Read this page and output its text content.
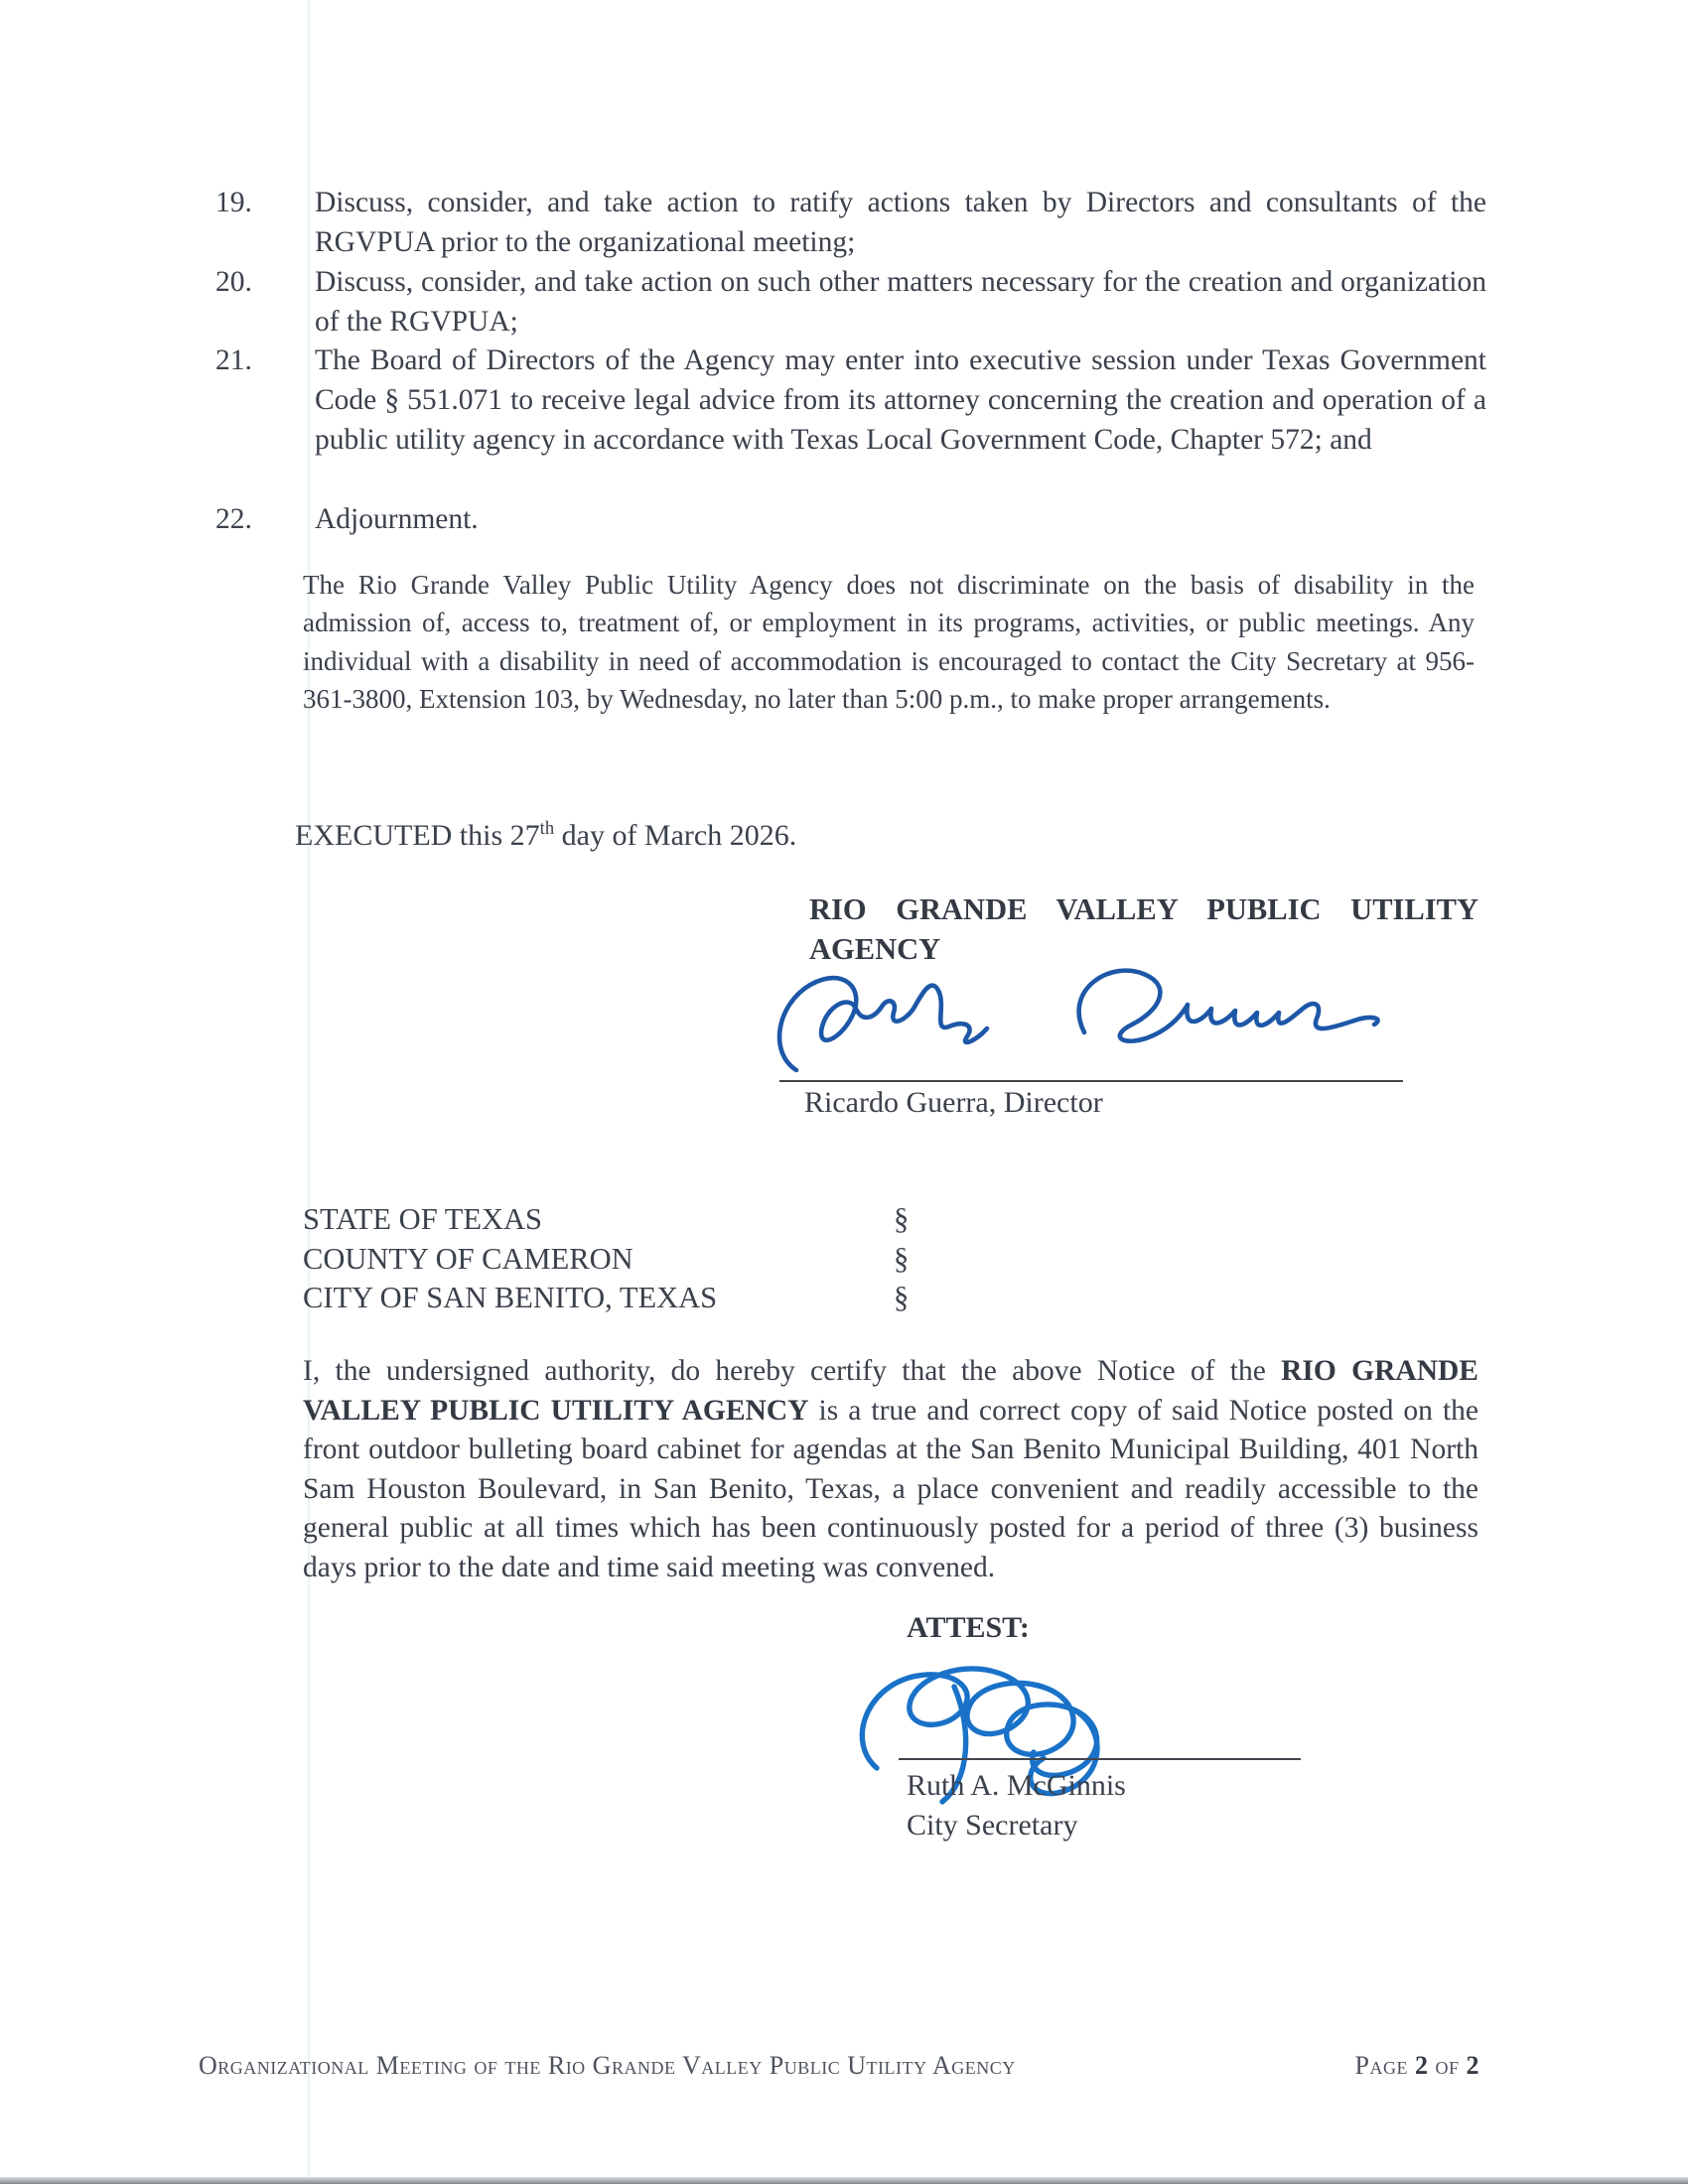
19.	Discuss, consider, and take action to ratify actions taken by Directors and consultants of the RGVPUA prior to the organizational meeting;
20.	Discuss, consider, and take action on such other matters necessary for the creation and organization of the RGVPUA;
21.	The Board of Directors of the Agency may enter into executive session under Texas Government Code § 551.071 to receive legal advice from its attorney concerning the creation and operation of a public utility agency in accordance with Texas Local Government Code, Chapter 572; and
22.	Adjournment.
The Rio Grande Valley Public Utility Agency does not discriminate on the basis of disability in the admission of, access to, treatment of, or employment in its programs, activities, or public meetings. Any individual with a disability in need of accommodation is encouraged to contact the City Secretary at 956-361-3800, Extension 103, by Wednesday, no later than 5:00 p.m., to make proper arrangements.
EXECUTED this 27th day of March 2026.
RIO GRANDE VALLEY PUBLIC UTILITY AGENCY
Ricardo Guerra, Director
STATE OF TEXAS	§
COUNTY OF CAMERON	§
CITY OF SAN BENITO, TEXAS	§
I, the undersigned authority, do hereby certify that the above Notice of the RIO GRANDE VALLEY PUBLIC UTILITY AGENCY is a true and correct copy of said Notice posted on the front outdoor bulleting board cabinet for agendas at the San Benito Municipal Building, 401 North Sam Houston Boulevard, in San Benito, Texas, a place convenient and readily accessible to the general public at all times which has been continuously posted for a period of three (3) business days prior to the date and time said meeting was convened.
ATTEST:
Ruth A. McGinnis
City Secretary
Organizational Meeting of the Rio Grande Valley Public Utility Agency	Page 2 of 2
